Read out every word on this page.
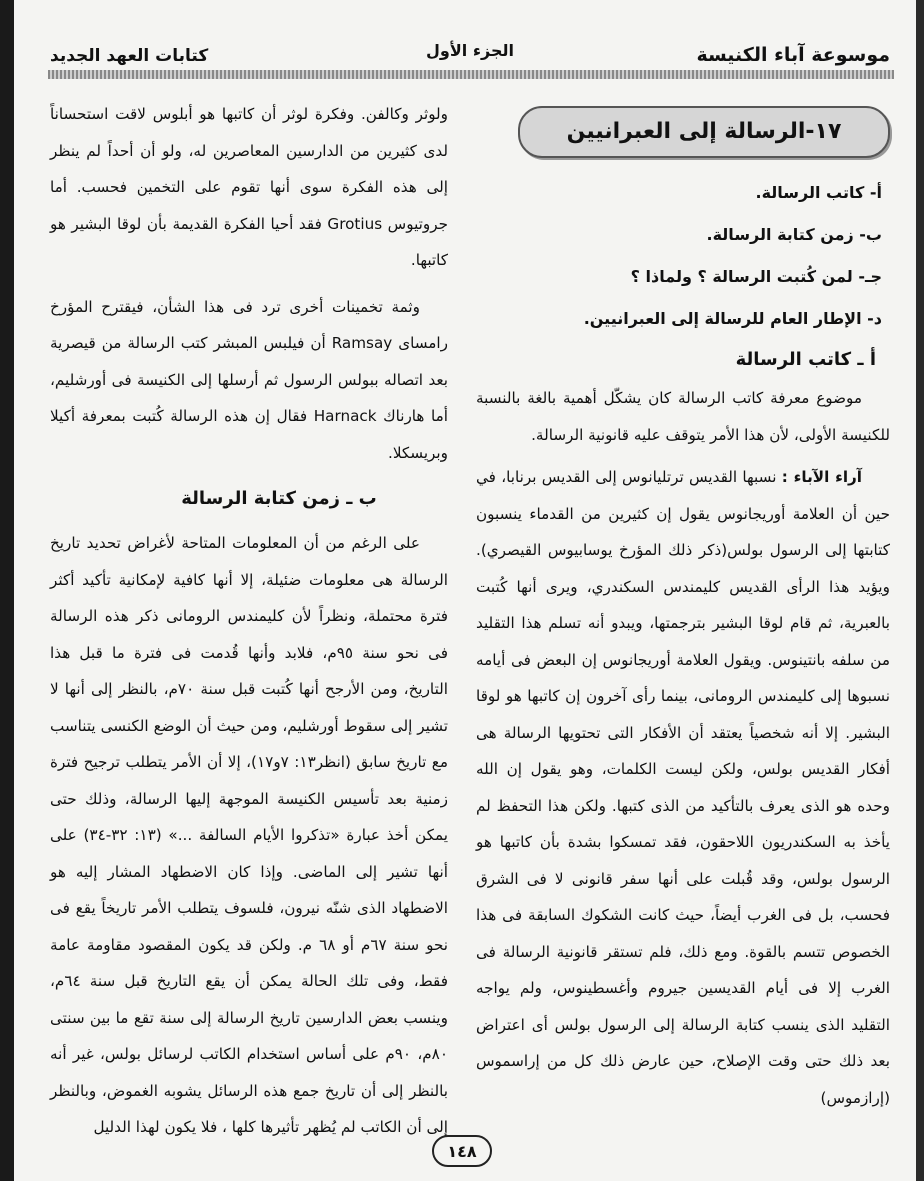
موسوعة آباء الكنيسة
الجزء الأول
كتابات العهد الجديد
١٧-الرسالة إلى العبرانيين
أ- كاتب الرسالة.
ب- زمن كتابة الرسالة.
جـ- لمن كُتبت الرسالة ؟ ولماذا ؟
د- الإطار العام للرسالة إلى العبرانيين.
أ ـ كاتب الرسالة

موضوع معرفة كاتب الرسالة كان يشكّل أهمية بالغة بالنسبة للكنيسة الأولى، لأن هذا الأمر يتوقف عليه قانونية الرسالة.

آراء الآباء : نسبها القديس ترتليانوس إلى القديس برنابا، في حين أن العلامة أوريجانوس يقول إن كثيرين من القدماء ينسبون كتابتها إلى الرسول بولس(ذكر ذلك المؤرخ يوسابيوس القيصري). ويؤيد هذا الرأى القديس كليمندس السكندري، ويرى أنها كُتبت بالعبرية، ثم قام لوقا البشير بترجمتها، ويبدو أنه تسلم هذا التقليد من سلفه بانتينوس. ويقول العلامة أوريجانوس إن البعض فى أيامه نسبوها إلى كليمندس الرومانى، بينما رأى آخرون إن كاتبها هو لوقا البشير. إلا أنه شخصياً يعتقد أن الأفكار التى تحتويها الرسالة هى أفكار القديس بولس، ولكن ليست الكلمات، وهو يقول إن الله وحده هو الذى يعرف بالتأكيد من الذى كتبها. ولكن هذا التحفظ لم يأخذ به السكندريون اللاحقون، فقد تمسكوا بشدة بأن كاتبها هو الرسول بولس، وقد قُبلت على أنها سفر قانونى لا فى الشرق فحسب، بل فى الغرب أيضاً، حيث كانت الشكوك السابقة فى هذا الخصوص تتسم بالقوة. ومع ذلك، فلم تستقر قانونية الرسالة فى الغرب إلا فى أيام القديسين جيروم وأغسطينوس، ولم يواجه التقليد الذى ينسب كتابة الرسالة إلى الرسول بولس أى اعتراض بعد ذلك حتى وقت الإصلاح، حين عارض ذلك كل من إراسموس (إرازموس)

ولوثر وكالفن. وفكرة لوثر أن كاتبها هو أبلوس لاقت استحساناً لدى كثيرين من الدارسين المعاصرين له، ولو أن أحداً لم ينظر إلى هذه الفكرة سوى أنها تقوم على التخمين فحسب. أما جروتيوس Grotius فقد أحيا الفكرة القديمة بأن لوقا البشير هو كاتبها.

وثمة تخمينات أخرى ترد فى هذا الشأن، فيقترح المؤرخ رامساى Ramsay أن فيلبس المبشر كتب الرسالة من قيصرية بعد اتصاله ببولس الرسول ثم أرسلها إلى الكنيسة فى أورشليم، أما هارناك Harnack فقال إن هذه الرسالة كُتبت بمعرفة أكيلا وبريسكلا.

ب ـ زمن كتابة الرسالة

على الرغم من أن المعلومات المتاحة لأغراض تحديد تاريخ الرسالة هى معلومات ضئيلة، إلا أنها كافية لإمكانية تأكيد أكثر فترة محتملة، ونظراً لأن كليمندس الرومانى ذكر هذه الرسالة فى نحو سنة ٩٥م، فلابد وأنها قُدمت فى فترة ما قبل هذا التاريخ، ومن الأرجح أنها كُتبت قبل سنة ٧٠م، بالنظر إلى أنها لا تشير إلى سقوط أورشليم، ومن حيث أن الوضع الكنسى يتناسب مع تاريخ سابق (انظر١٣: ٧و١٧)، إلا أن الأمر يتطلب ترجيح فترة زمنية بعد تأسيس الكنيسة الموجهة إليها الرسالة، وذلك حتى يمكن أخذ عبارة «تذكروا الأيام السالفة ...» (١٣: ٣٢-٣٤) على أنها تشير إلى الماضى. وإذا كان الاضطهاد المشار إليه هو الاضطهاد الذى شنّه نيرون، فلسوف يتطلب الأمر تاريخاً يقع فى نحو سنة ٦٧م أو ٦٨ م. ولكن قد يكون المقصود مقاومة عامة فقط، وفى تلك الحالة يمكن أن يقع التاريخ قبل سنة ٦٤م، وينسب بعض الدارسين تاريخ الرسالة إلى سنة تقع ما بين سنتى ٨٠م، ٩٠م على أساس استخدام الكاتب لرسائل بولس، غير أنه بالنظر إلى أن تاريخ جمع هذه الرسائل يشوبه الغموض، وبالنظر إلى أن الكاتب لم يُظهر تأثيرها كلها ، فلا يكون لهذا الدليل

١٤٨
